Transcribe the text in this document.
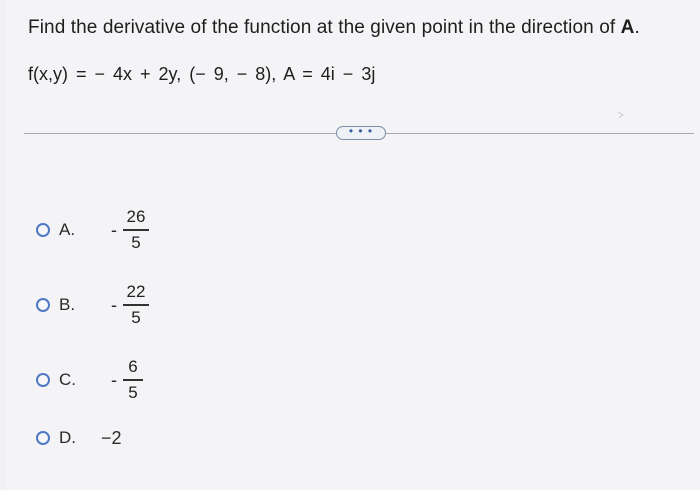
Find the derivative of the function at the given point in the direction of A.
f(x,y) = − 4x + 2y, (− 9, − 8), A = 4i − 3j
• • •
A.	- $\frac{26}{5}$
B.	- $\frac{22}{5}$
C.	- $\frac{6}{5}$
D.	−2
